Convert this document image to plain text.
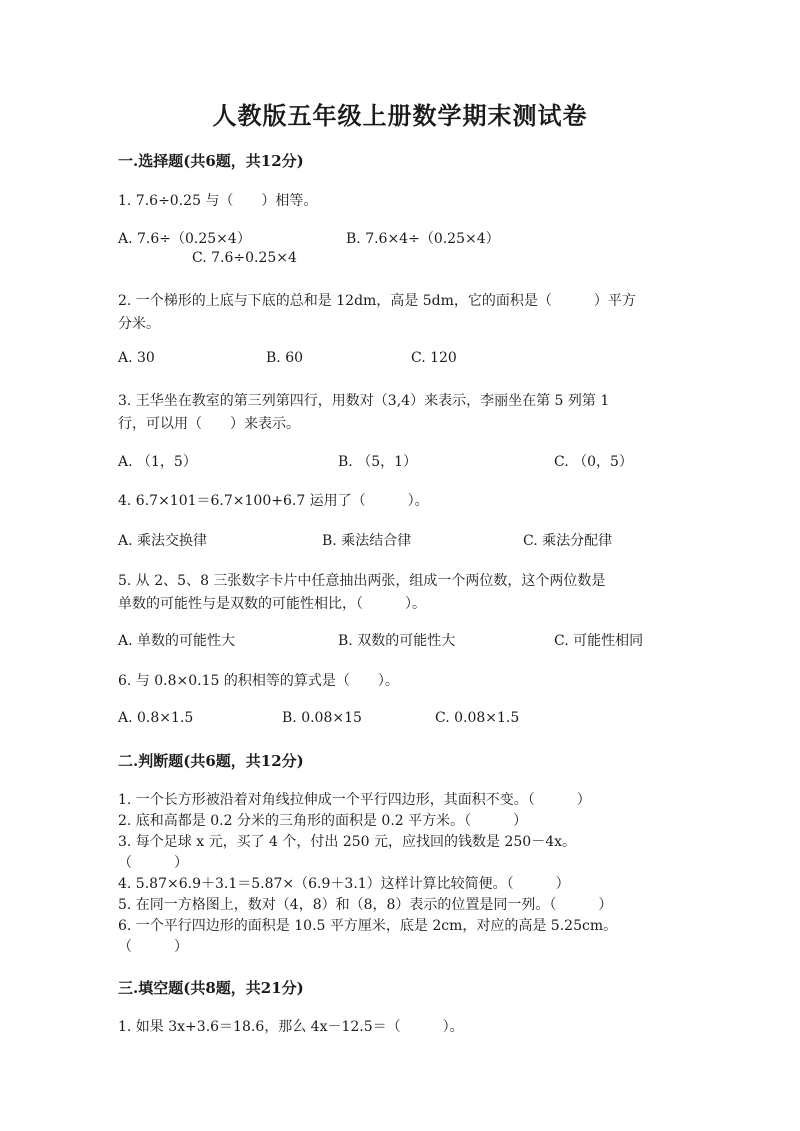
人教版五年级上册数学期末测试卷
一.选择题(共6题，共12分)
1. 7.6÷0.25 与（　　）相等。
A. 7.6÷（0.25×4）	B. 7.6×4÷（0.25×4）
C. 7.6÷0.25×4
2. 一个梯形的上底与下底的总和是 12dm，高是 5dm，它的面积是（　　　）平方
分米。
A. 30	B. 60	C. 120
3. 王华坐在教室的第三列第四行，用数对（3,4）来表示，李丽坐在第 5 列第 1
行，可以用（　　）来表示。
A. （1，5）	B. （5，1）	C. （0，5）
4. 6.7×101＝6.7×100+6.7 运用了（　　　）。
A. 乘法交换律	B. 乘法结合律	C. 乘法分配律
5. 从 2、5、8 三张数字卡片中任意抽出两张，组成一个两位数，这个两位数是
单数的可能性与是双数的可能性相比，（　　　）。
A. 单数的可能性大	B. 双数的可能性大	C. 可能性相同
6. 与 0.8×0.15 的积相等的算式是（　　）。
A. 0.8×1.5	B. 0.08×15	C. 0.08×1.5
二.判断题(共6题，共12分)
1. 一个长方形被沿着对角线拉伸成一个平行四边形，其面积不变。（　　　）
2. 底和高都是 0.2 分米的三角形的面积是 0.2 平方米。（　　　）
3. 每个足球 x 元，买了 4 个，付出 250 元，应找回的钱数是 250－4x。
（　　　）
4. 5.87×6.9＋3.1＝5.87×（6.9＋3.1）这样计算比较简便。（　　　）
5. 在同一方格图上，数对（4，8）和（8，8）表示的位置是同一列。（　　　）
6. 一个平行四边形的面积是 10.5 平方厘米，底是 2cm，对应的高是 5.25cm。
（　　　）
三.填空题(共8题，共21分)
1. 如果 3x+3.6＝18.6，那么 4x－12.5＝（　　　）。
